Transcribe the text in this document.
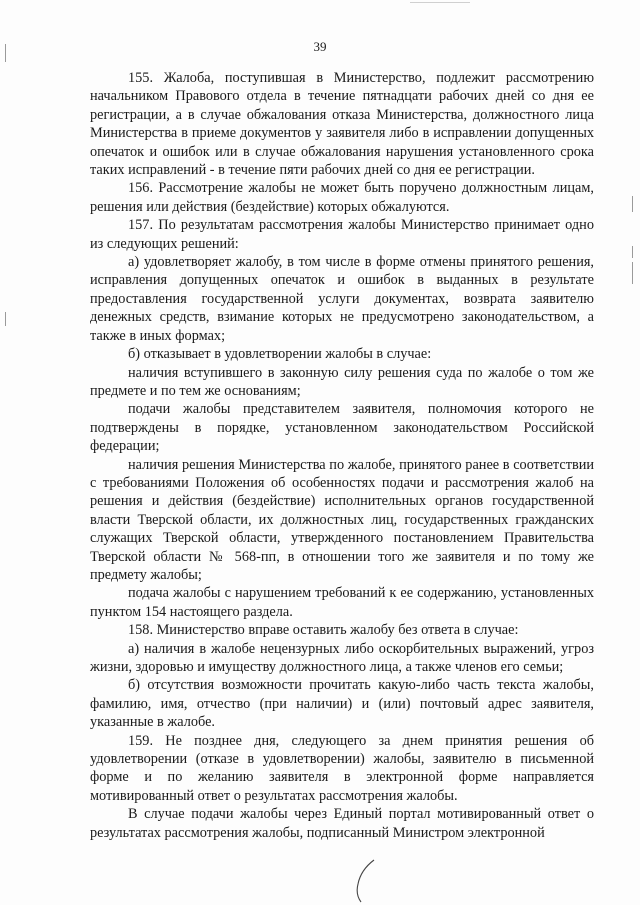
39

155. Жалоба, поступившая в Министерство, подлежит рассмотрению начальником Правового отдела в течение пятнадцати рабочих дней со дня ее регистрации, а в случае обжалования отказа Министерства, должностного лица Министерства в приеме документов у заявителя либо в исправлении допущенных опечаток и ошибок или в случае обжалования нарушения установленного срока таких исправлений - в течение пяти рабочих дней со дня ее регистрации.

156. Рассмотрение жалобы не может быть поручено должностным лицам, решения или действия (бездействие) которых обжалуются.

157. По результатам рассмотрения жалобы Министерство принимает одно из следующих решений:

а) удовлетворяет жалобу, в том числе в форме отмены принятого решения, исправления допущенных опечаток и ошибок в выданных в результате предоставления государственной услуги документах, возврата заявителю денежных средств, взимание которых не предусмотрено законодательством, а также в иных формах;

б) отказывает в удовлетворении жалобы в случае:

наличия вступившего в законную силу решения суда по жалобе о том же предмете и по тем же основаниям;

подачи жалобы представителем заявителя, полномочия которого не подтверждены в порядке, установленном законодательством Российской федерации;

наличия решения Министерства по жалобе, принятого ранее в соответствии с требованиями Положения об особенностях подачи и рассмотрения жалоб на решения и действия (бездействие) исполнительных органов государственной власти Тверской области, их должностных лиц, государственных гражданских служащих Тверской области, утвержденного постановлением Правительства Тверской области № 568-пп, в отношении того же заявителя и по тому же предмету жалобы;

подача жалобы с нарушением требований к ее содержанию, установленных пунктом 154 настоящего раздела.

158. Министерство вправе оставить жалобу без ответа в случае:

а) наличия в жалобе нецензурных либо оскорбительных выражений, угроз жизни, здоровью и имуществу должностного лица, а также членов его семьи;

б) отсутствия возможности прочитать какую-либо часть текста жалобы, фамилию, имя, отчество (при наличии) и (или) почтовый адрес заявителя, указанные в жалобе.

159. Не позднее дня, следующего за днем принятия решения об удовлетворении (отказе в удовлетворении) жалобы, заявителю в письменной форме и по желанию заявителя в электронной форме направляется мотивированный ответ о результатах рассмотрения жалобы.

В случае подачи жалобы через Единый портал мотивированный ответ о результатах рассмотрения жалобы, подписанный Министром электронной
